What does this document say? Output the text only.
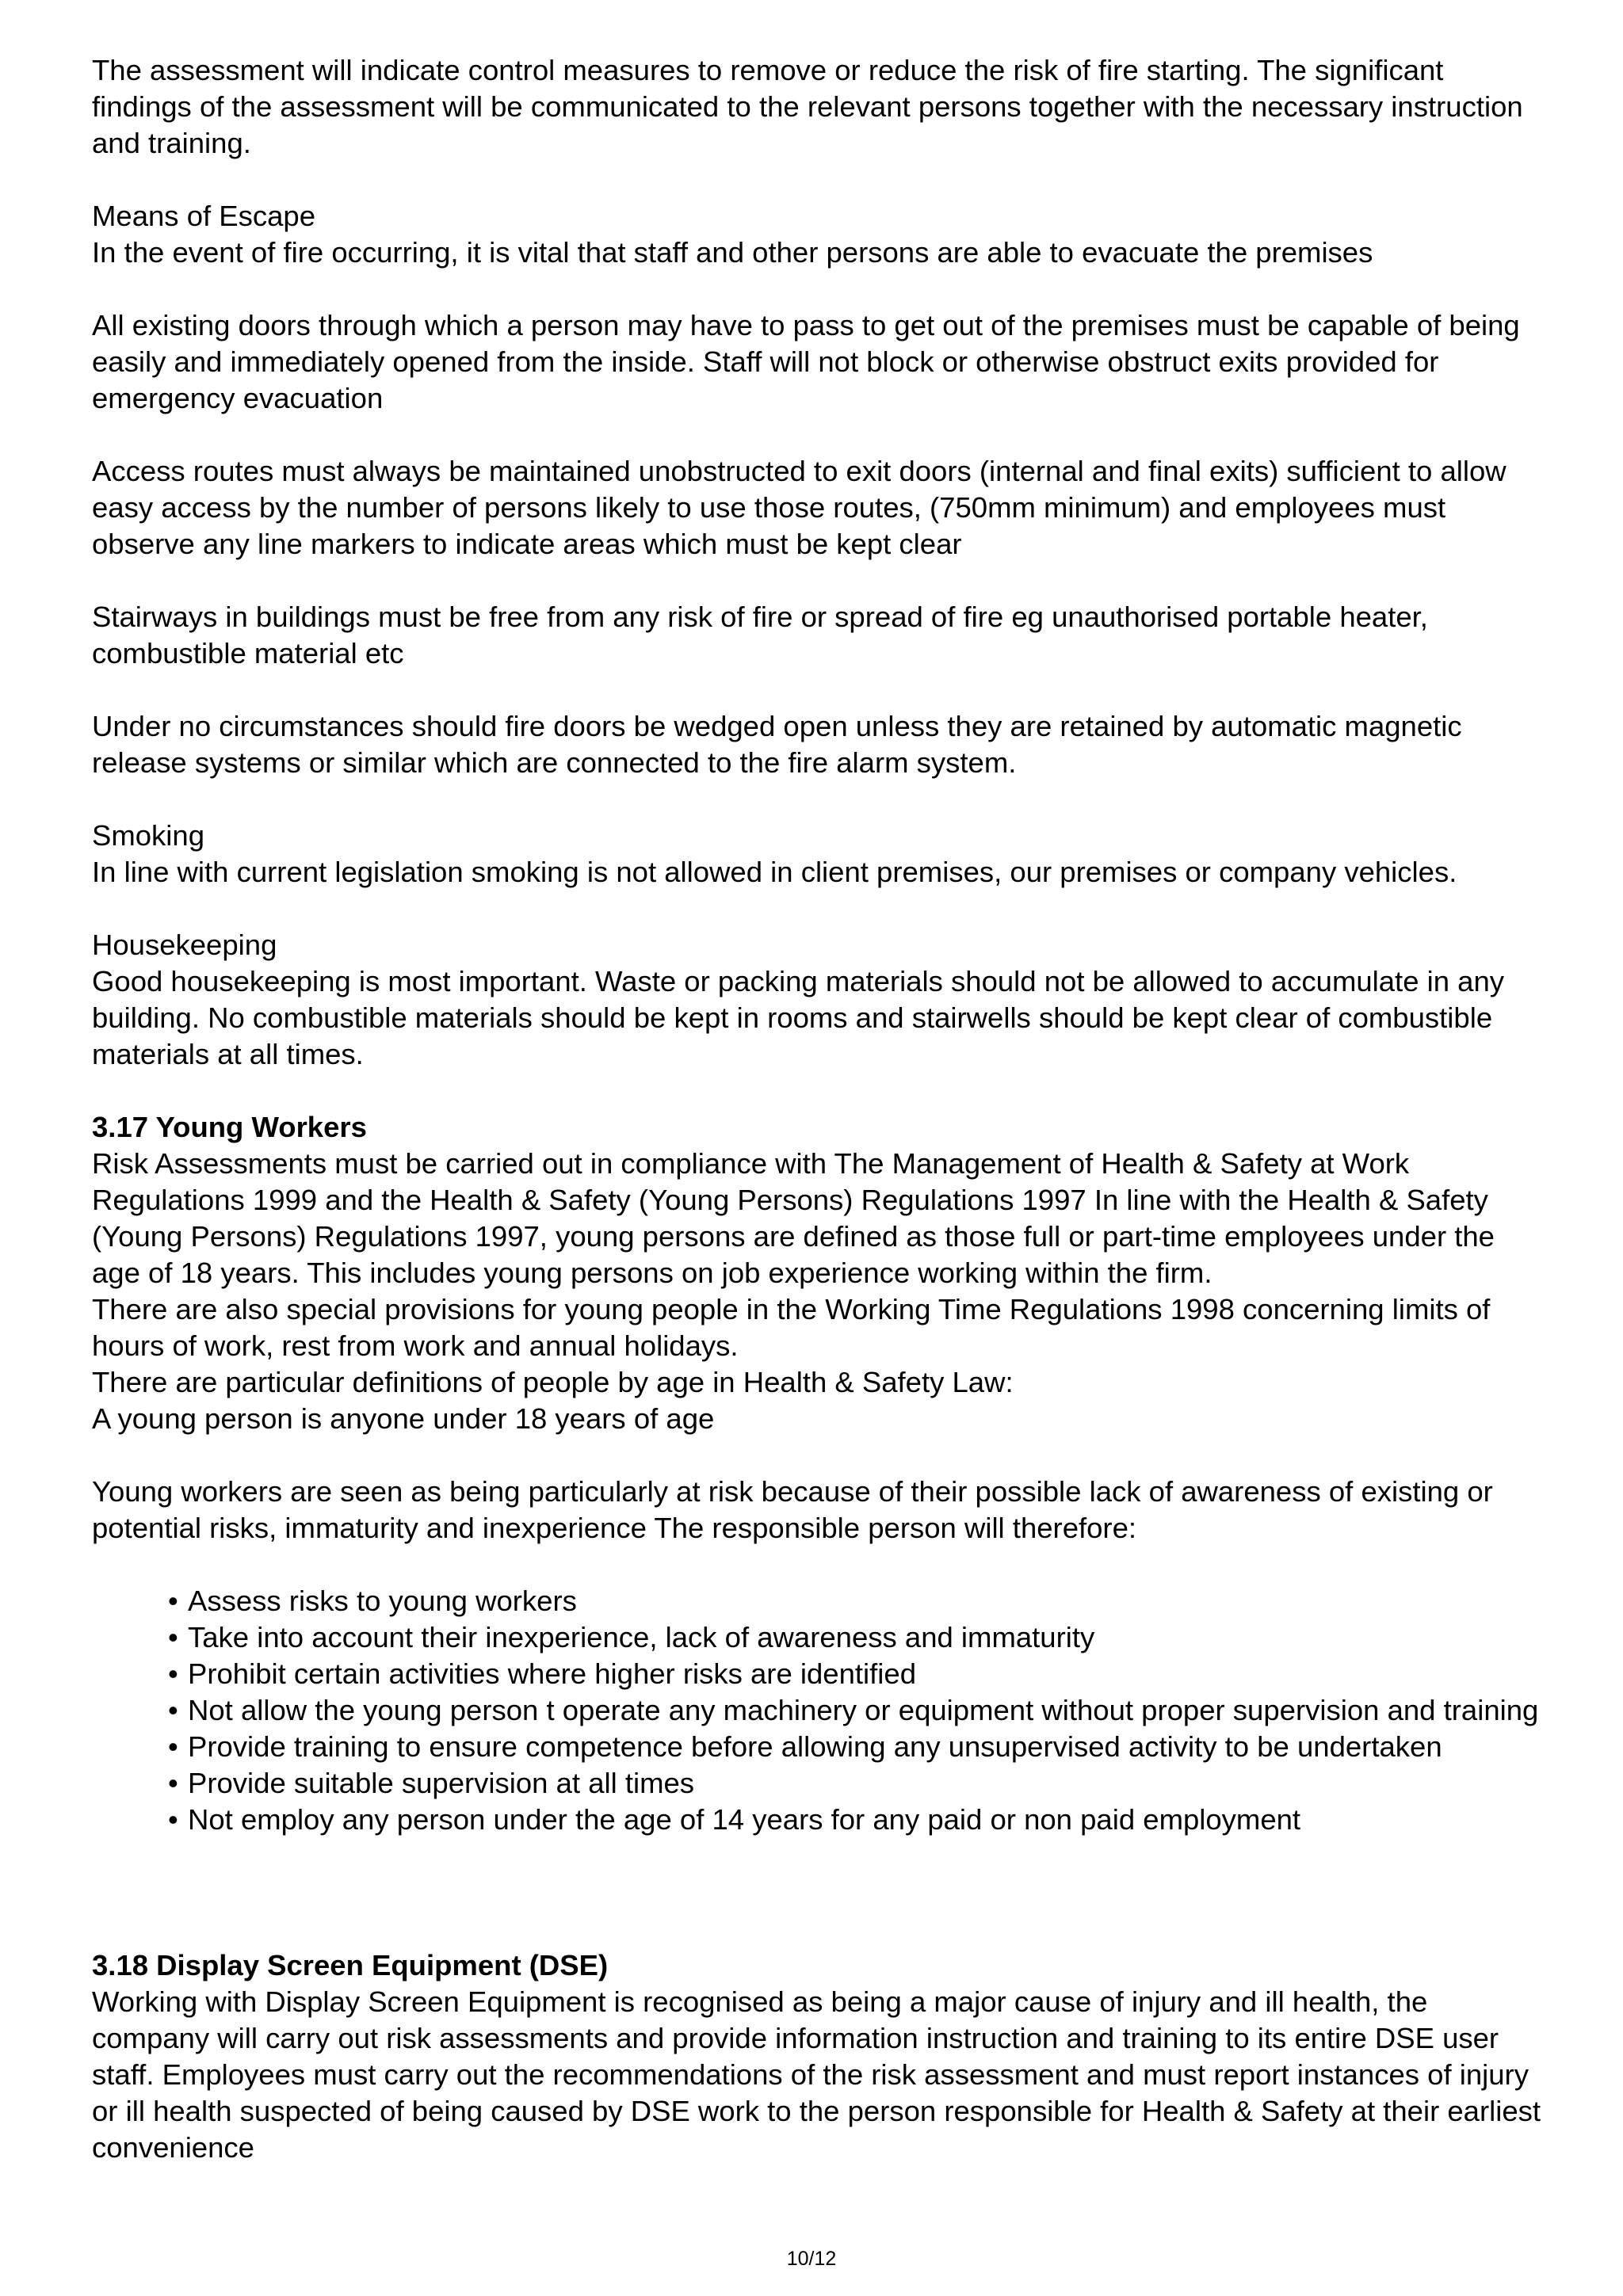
The assessment will indicate control measures to remove or reduce the risk of fire starting. The significant findings of the assessment will be communicated to the relevant persons together with the necessary instruction and training.

Means of Escape
In the event of fire occurring, it is vital that staff and other persons are able to evacuate the premises

All existing doors through which a person may have to pass to get out of the premises must be capable of being easily and immediately opened from the inside. Staff will not block or otherwise obstruct exits provided for emergency evacuation

Access routes must always be maintained unobstructed to exit doors (internal and final exits) sufficient to allow easy access by the number of persons likely to use those routes, (750mm minimum) and employees must observe any line markers to indicate areas which must be kept clear

Stairways in buildings must be free from any risk of fire or spread of fire eg unauthorised portable heater, combustible material etc

Under no circumstances should fire doors be wedged open unless they are retained by automatic magnetic release systems or similar which are connected to the fire alarm system.

Smoking
In line with current legislation smoking is not allowed in client premises, our premises or company vehicles.

Housekeeping
Good housekeeping is most important. Waste or packing materials should not be allowed to accumulate in any building. No combustible materials should be kept in rooms and stairwells should be kept clear of combustible materials at all times.

3.17 Young Workers
Risk Assessments must be carried out in compliance with The Management of Health & Safety at Work Regulations 1999 and the Health & Safety (Young Persons) Regulations 1997 In line with the Health & Safety (Young Persons) Regulations 1997, young persons are defined as those full or part-time employees under the age of 18 years. This includes young persons on job experience working within the firm.
There are also special provisions for young people in the Working Time Regulations 1998 concerning limits of hours of work, rest from work and annual holidays.
There are particular definitions of people by age in Health & Safety Law:
A young person is anyone under 18 years of age

Young workers are seen as being particularly at risk because of their possible lack of awareness of existing or potential risks, immaturity and inexperience The responsible person will therefore:

• Assess risks to young workers
• Take into account their inexperience, lack of awareness and immaturity
• Prohibit certain activities where higher risks are identified
• Not allow the young person t operate any machinery or equipment without proper supervision and training
• Provide training to ensure competence before allowing any unsupervised activity to be undertaken
• Provide suitable supervision at all times
• Not employ any person under the age of 14 years for any paid or non paid employment

3.18 Display Screen Equipment (DSE)
Working with Display Screen Equipment is recognised as being a major cause of injury and ill health, the company will carry out risk assessments and provide information instruction and training to its entire DSE user staff. Employees must carry out the recommendations of the risk assessment and must report instances of injury or ill health suspected of being caused by DSE work to the person responsible for Health & Safety at their earliest convenience

10/12
